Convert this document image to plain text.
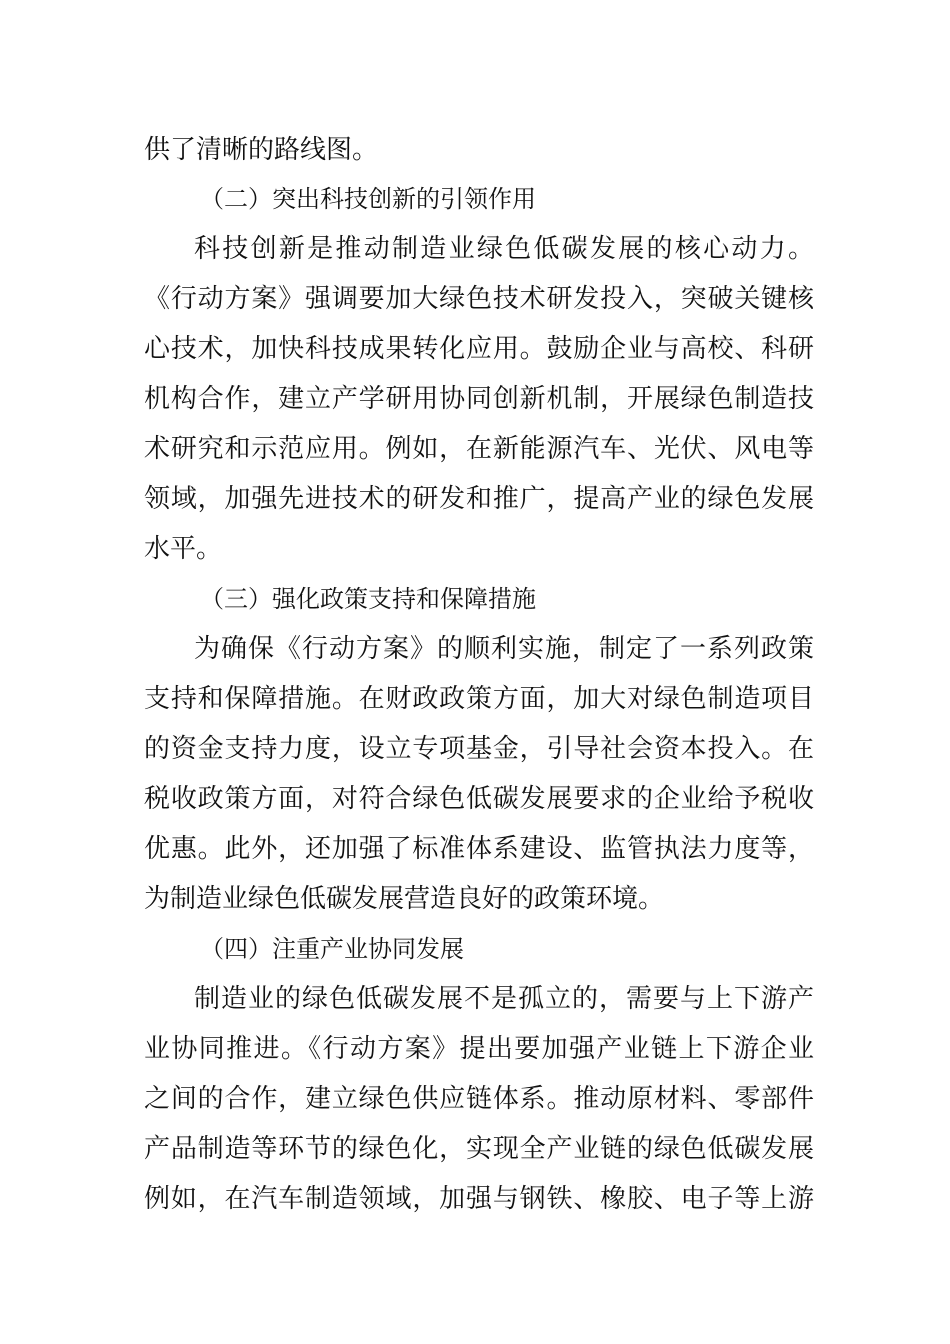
供了清晰的路线图。
（二）突出科技创新的引领作用
科技创新是推动制造业绿色低碳发展的核心动力。
《行动方案》强调要加大绿色技术研发投入，突破关键核
心技术，加快科技成果转化应用。鼓励企业与高校、科研
机构合作，建立产学研用协同创新机制，开展绿色制造技
术研究和示范应用。例如，在新能源汽车、光伏、风电等
领域，加强先进技术的研发和推广，提高产业的绿色发展
水平。
（三）强化政策支持和保障措施
为确保《行动方案》的顺利实施，制定了一系列政策
支持和保障措施。在财政政策方面，加大对绿色制造项目
的资金支持力度，设立专项基金，引导社会资本投入。在
税收政策方面，对符合绿色低碳发展要求的企业给予税收
优惠。此外，还加强了标准体系建设、监管执法力度等，
为制造业绿色低碳发展营造良好的政策环境。
（四）注重产业协同发展
制造业的绿色低碳发展不是孤立的，需要与上下游产
业协同推进。《行动方案》提出要加强产业链上下游企业
之间的合作，建立绿色供应链体系。推动原材料、零部件
产品制造等环节的绿色化，实现全产业链的绿色低碳发展
例如，在汽车制造领域，加强与钢铁、橡胶、电子等上游
